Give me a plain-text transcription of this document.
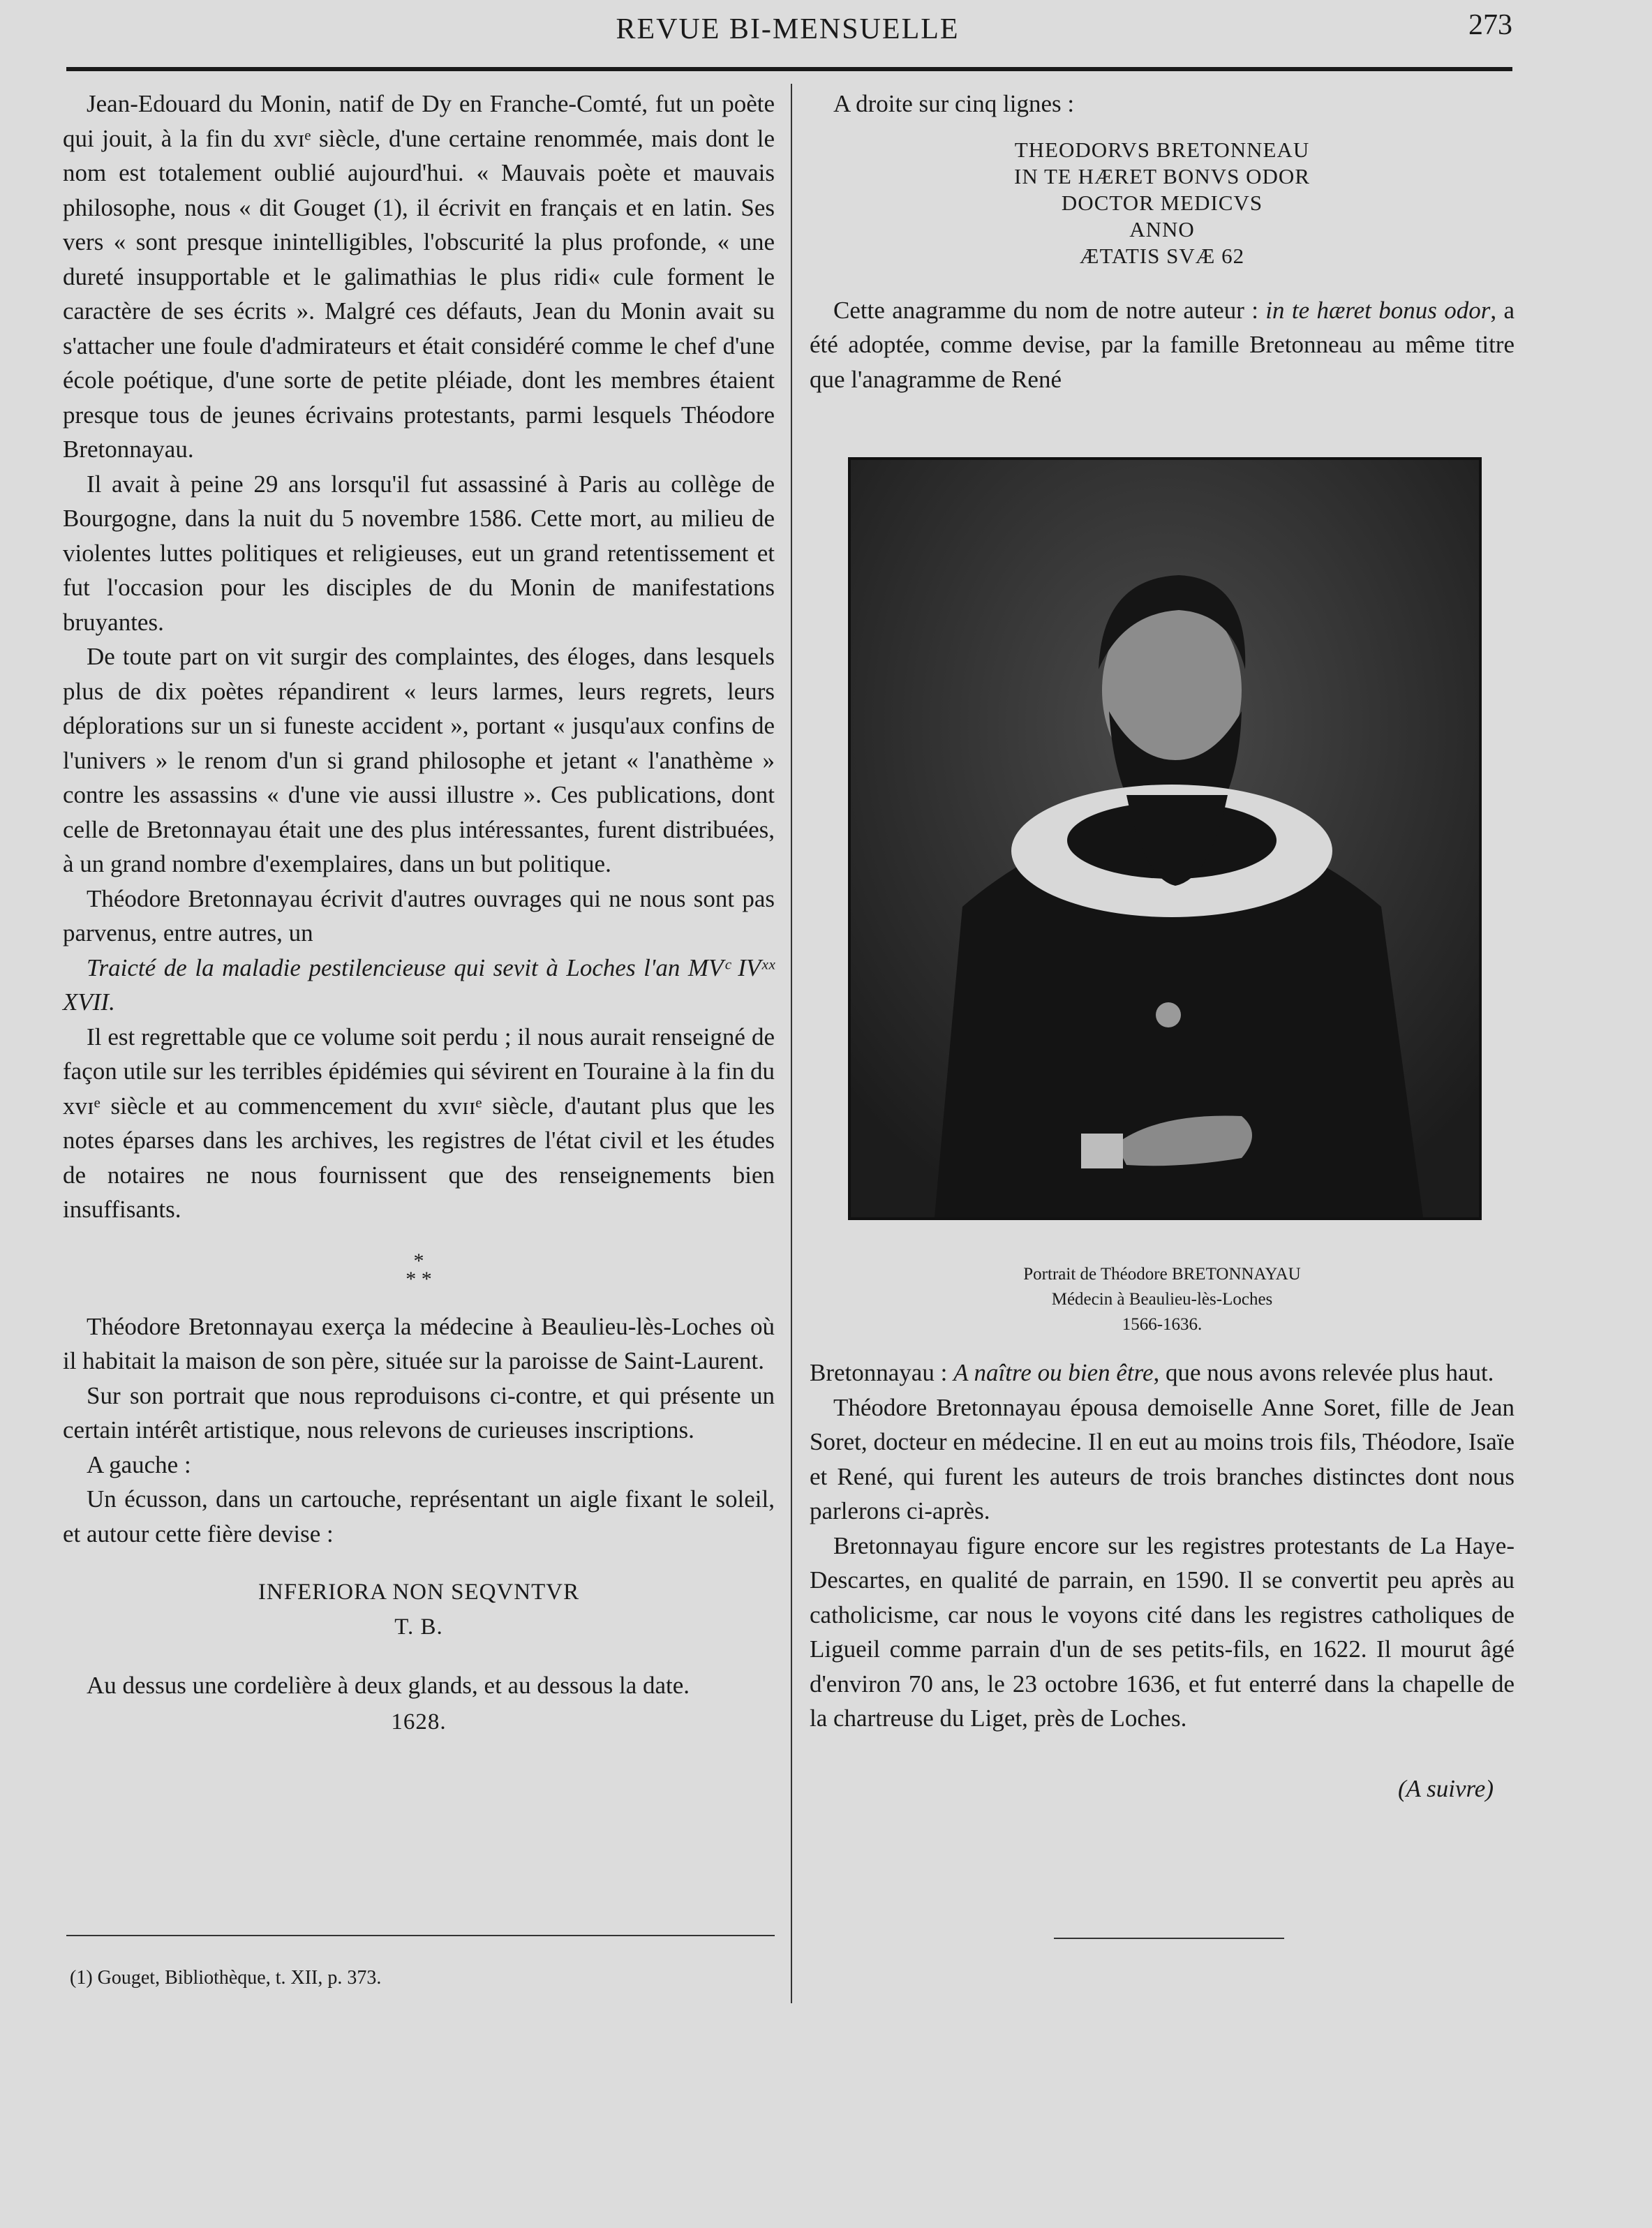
REVUE BI-MENSUELLE	273

Jean-Edouard du Monin, natif de Dy en Franche-Comté, fut un poète qui jouit, à la fin du xvɪᵉ siècle, d'une certaine renommée, mais dont le nom est totalement oublié aujourd'hui. « Mauvais poète et mauvais philosophe, nous « dit Gouget (1), il écrivit en français et en latin. Ses vers « sont presque inintelligibles, l'obscurité la plus profonde, « une dureté insupportable et le galimathias le plus ridi« cule forment le caractère de ses écrits ». Malgré ces défauts, Jean du Monin avait su s'attacher une foule d'admirateurs et était considéré comme le chef d'une école poétique, d'une sorte de petite pléiade, dont les membres étaient presque tous de jeunes écrivains protestants, parmi lesquels Théodore Bretonnayau.

Il avait à peine 29 ans lorsqu'il fut assassiné à Paris au collège de Bourgogne, dans la nuit du 5 novembre 1586. Cette mort, au milieu de violentes luttes politiques et religieuses, eut un grand retentissement et fut l'occasion pour les disciples de du Monin de manifestations bruyantes.

De toute part on vit surgir des complaintes, des éloges, dans lesquels plus de dix poètes répandirent « leurs larmes, leurs regrets, leurs déplorations sur un si funeste accident », portant « jusqu'aux confins de l'univers » le renom d'un si grand philosophe et jetant « l'anathème » contre les assassins « d'une vie aussi illustre ». Ces publications, dont celle de Bretonnayau était une des plus intéressantes, furent distribuées, à un grand nombre d'exemplaires, dans un but politique.

Théodore Bretonnayau écrivit d'autres ouvrages qui ne nous sont pas parvenus, entre autres, un

Traicté de la maladie pestilencieuse qui sevit à Loches l'an MVᶜ IVˣˣ XVII.

Il est regrettable que ce volume soit perdu ; il nous aurait renseigné de façon utile sur les terribles épidémies qui sévirent en Touraine à la fin du xvɪᵉ siècle et au commencement du xvɪɪᵉ siècle, d'autant plus que les notes éparses dans les archives, les registres de l'état civil et les études de notaires ne nous fournissent que des renseignements bien insuffisants.

*
* *

Théodore Bretonnayau exerça la médecine à Beaulieu-lès-Loches où il habitait la maison de son père, située sur la paroisse de Saint-Laurent.

Sur son portrait que nous reproduisons ci-contre, et qui présente un certain intérêt artistique, nous relevons de curieuses inscriptions.

A gauche :

Un écusson, dans un cartouche, représentant un aigle fixant le soleil, et autour cette fière devise :

INFERIORA NON SEQVNTVR
T. B.

Au dessus une cordelière à deux glands, et au dessous la date.

1628.
(1) Gouget, Bibliothèque, t. XII, p. 373.

A droite sur cinq lignes :

THEODORVS BRETONNEAU
IN TE HÆRET BONVS ODOR
DOCTOR MEDICVS
ANNO
ÆTATIS SVÆ 62

Cette anagramme du nom de notre auteur : in te hæret bonus odor, a été adoptée, comme devise, par la famille Bretonneau au même titre que l'anagramme de René

Portrait de Théodore BRETONNAYAU
Médecin à Beaulieu-lès-Loches
1566-1636.

Bretonnayau : A naître ou bien être, que nous avons relevée plus haut.

Théodore Bretonnayau épousa demoiselle Anne Soret, fille de Jean Soret, docteur en médecine. Il en eut au moins trois fils, Théodore, Isaïe et René, qui furent les auteurs de trois branches distinctes dont nous parlerons ci-après.

Bretonnayau figure encore sur les registres protestants de La Haye-Descartes, en qualité de parrain, en 1590. Il se convertit peu après au catholicisme, car nous le voyons cité dans les registres catholiques de Ligueil comme parrain d'un de ses petits-fils, en 1622. Il mourut âgé d'environ 70 ans, le 23 octobre 1636, et fut enterré dans la chapelle de la chartreuse du Liget, près de Loches.

(A suivre)
